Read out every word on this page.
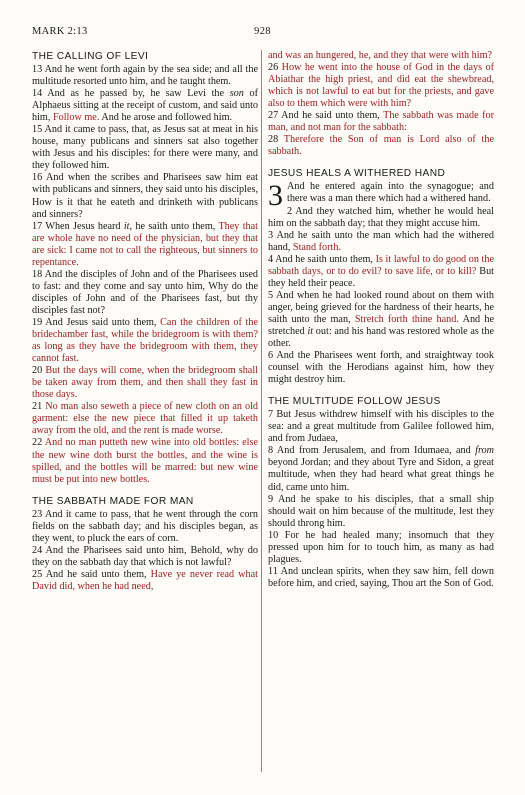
MARK 2:13	928
THE CALLING OF LEVI

13 And he went forth again by the sea side; and all the multitude resorted unto him, and he taught them.

14 And as he passed by, he saw Levi the son of Alphaeus sitting at the receipt of custom, and said unto him, Follow me. And he arose and followed him.

15 And it came to pass, that, as Jesus sat at meat in his house, many publicans and sinners sat also together with Jesus and his disciples: for there were many, and they followed him.

16 And when the scribes and Pharisees saw him eat with publicans and sinners, they said unto his disciples, How is it that he eateth and drinketh with publicans and sinners?

17 When Jesus heard it, he saith unto them, They that are whole have no need of the physician, but they that are sick: I came not to call the righteous, but sinners to repentance.

18 And the disciples of John and of the Pharisees used to fast: and they come and say unto him, Why do the disciples of John and of the Pharisees fast, but thy disciples fast not?

19 And Jesus said unto them, Can the children of the bridechamber fast, while the bridegroom is with them? as long as they have the bridegroom with them, they cannot fast.

20 But the days will come, when the bridegroom shall be taken away from them, and then shall they fast in those days.

21 No man also seweth a piece of new cloth on an old garment: else the new piece that filled it up taketh away from the old, and the rent is made worse.

22 And no man putteth new wine into old bottles: else the new wine doth burst the bottles, and the wine is spilled, and the bottles will be marred: but new wine must be put into new bottles.

THE SABBATH MADE FOR MAN

23 And it came to pass, that he went through the corn fields on the sabbath day; and his disciples began, as they went, to pluck the ears of corn.

24 And the Pharisees said unto him, Behold, why do they on the sabbath day that which is not lawful?

25 And he said unto them, Have ye never read what David did, when he had need,

and was an hungered, he, and they that were with him?

26 How he went into the house of God in the days of Abiathar the high priest, and did eat the shewbread, which is not lawful to eat but for the priests, and gave also to them which were with him?

27 And he said unto them, The sabbath was made for man, and not man for the sabbath:

28 Therefore the Son of man is Lord also of the sabbath.

JESUS HEALS A WITHERED HAND

3 And he entered again into the synagogue; and there was a man there which had a withered hand.

2 And they watched him, whether he would heal him on the sabbath day; that they might accuse him.

3 And he saith unto the man which had the withered hand, Stand forth.

4 And he saith unto them, Is it lawful to do good on the sabbath days, or to do evil? to save life, or to kill? But they held their peace.

5 And when he had looked round about on them with anger, being grieved for the hardness of their hearts, he saith unto the man, Stretch forth thine hand. And he stretched it out: and his hand was restored whole as the other.

6 And the Pharisees went forth, and straightway took counsel with the Herodians against him, how they might destroy him.

THE MULTITUDE FOLLOW JESUS

7 But Jesus withdrew himself with his disciples to the sea: and a great multitude from Galilee followed him, and from Judaea,

8 And from Jerusalem, and from Idumaea, and from beyond Jordan; and they about Tyre and Sidon, a great multitude, when they had heard what great things he did, came unto him.

9 And he spake to his disciples, that a small ship should wait on him because of the multitude, lest they should throng him.

10 For he had healed many; insomuch that they pressed upon him for to touch him, as many as had plagues.

11 And unclean spirits, when they saw him, fell down before him, and cried, saying, Thou art the Son of God.
